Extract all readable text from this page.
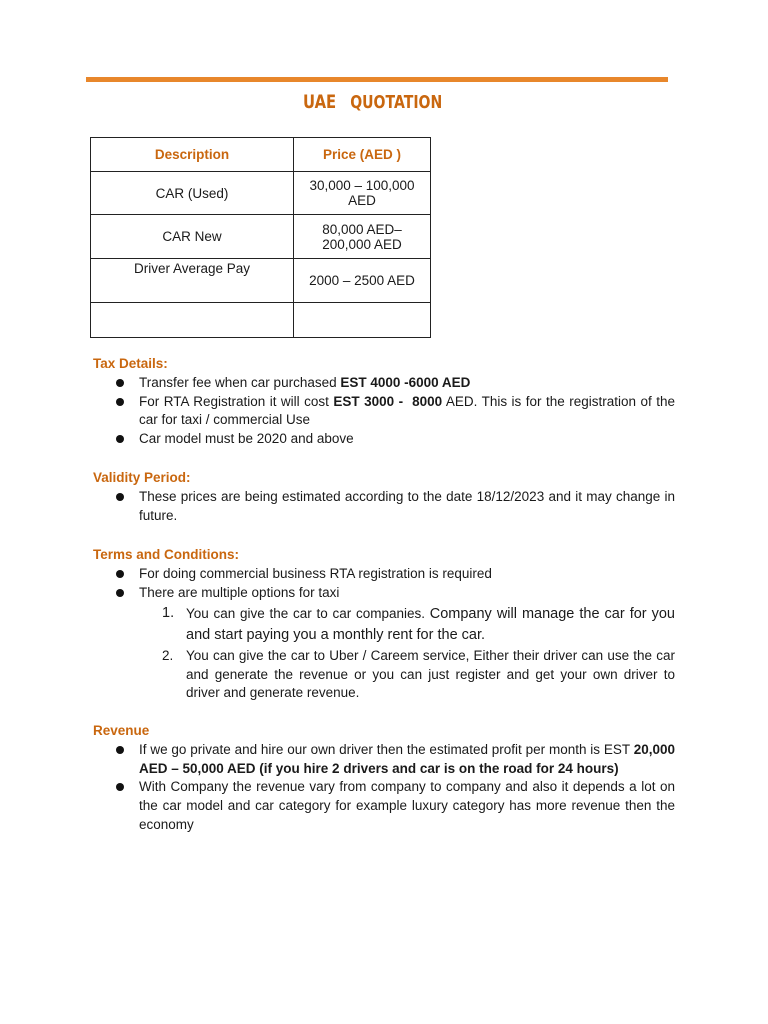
UAE QUOTATION
Description	Price (AED )
CAR (Used)	30,000 – 100,000 AED
CAR New	80,000 AED– 200,000 AED
Driver Average Pay	2000 – 2500 AED

Tax Details:
Transfer fee when car purchased EST 4000 -6000 AED
For RTA Registration it will cost EST 3000 -  8000 AED. This is for the registration of the car for taxi / commercial Use
Car model must be 2020 and above
Validity Period:
These prices are being estimated according to the date 18/12/2023 and it may change in future.
Terms and Conditions:
For doing commercial business RTA registration is required
There are multiple options for taxi
1. You can give the car to car companies. Company will manage the car for you and start paying you a monthly rent for the car.
2. You can give the car to Uber / Careem service, Either their driver can use the car and generate the revenue or you can just register and get your own driver to driver and generate revenue.
Revenue
If we go private and hire our own driver then the estimated profit per month is EST 20,000 AED – 50,000 AED (if you hire 2 drivers and car is on the road for 24 hours)
With Company the revenue vary from company to company and also it depends a lot on the car model and car category for example luxury category has more revenue then the economy
